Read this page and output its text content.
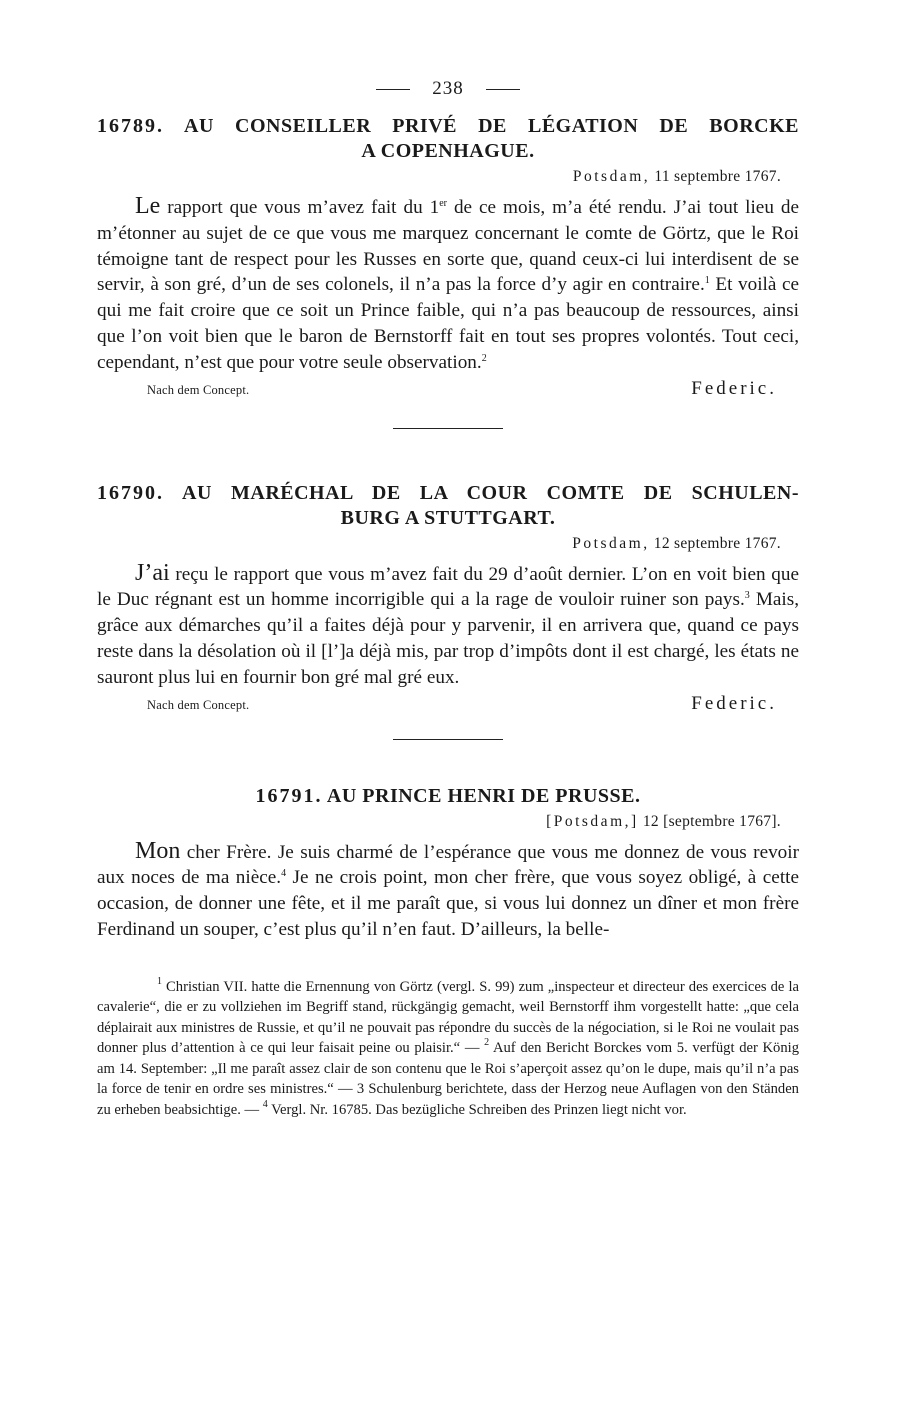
238
16789. AU CONSEILLER PRIVÉ DE LÉGATION DE BORCKE
A COPENHAGUE.
Potsdam, 11 septembre 1767.

Le rapport que vous m’avez fait du 1er de ce mois, m’a été rendu. J’ai tout lieu de m’étonner au sujet de ce que vous me marquez concernant le comte de Görtz, que le Roi témoigne tant de respect pour les Russes en sorte que, quand ceux-ci lui interdisent de se servir, à son gré, d’un de ses colonels, il n’a pas la force d’y agir en contraire.$^1$ Et voilà ce qui me fait croire que ce soit un Prince faible, qui n’a pas beaucoup de ressources, ainsi que l’on voit bien que le baron de Bernstorff fait en tout ses propres volontés. Tout ceci, cependant, n’est que pour votre seule observation.$^2$

Nach dem Concept.	Federic.
16790. AU MARÉCHAL DE LA COUR COMTE DE SCHULEN-
BURG A STUTTGART.
Potsdam, 12 septembre 1767.

J’ai reçu le rapport que vous m’avez fait du 29 d’août dernier. L’on en voit bien que le Duc régnant est un homme incorrigible qui a la rage de vouloir ruiner son pays.$^3$ Mais, grâce aux démarches qu’il a faites déjà pour y parvenir, il en arrivera que, quand ce pays reste dans la désolation où il [l’]a déjà mis, par trop d’impôts dont il est chargé, les états ne sauront plus lui en fournir bon gré mal gré eux.

Nach dem Concept.	Federic.
16791. AU PRINCE HENRI DE PRUSSE.
[Potsdam,] 12 [septembre 1767].

Mon cher Frère. Je suis charmé de l’espérance que vous me donnez de vous revoir aux noces de ma nièce.$^4$ Je ne crois point, mon cher frère, que vous soyez obligé, à cette occasion, de donner une fête, et il me paraît que, si vous lui donnez un dîner et mon frère Ferdinand un souper, c’est plus qu’il n’en faut. D’ailleurs, la belle-

$^1$ Christian VII. hatte die Ernennung von Görtz (vergl. S. 99) zum „inspecteur et directeur des exercices de la cavalerie“, die er zu vollziehen im Begriff stand, rückgängig gemacht, weil Bernstorff ihm vorgestellt hatte: „que cela déplairait aux ministres de Russie, et qu’il ne pouvait pas répondre du succès de la négociation, si le Roi ne voulait pas donner plus d’attention à ce qui leur faisait peine ou plaisir.“ — $^2$ Auf den Bericht Borckes vom 5. verfügt der König am 14. September: „Il me paraît assez clair de son contenu que le Roi s’aperçoit assez qu’on le dupe, mais qu’il n’a pas la force de tenir en ordre ses ministres.“ — 3 Schulenburg berichtete, dass der Herzog neue Auflagen von den Ständen zu erheben beabsichtige. — $^4$ Vergl. Nr. 16785. Das bezügliche Schreiben des Prinzen liegt nicht vor.
